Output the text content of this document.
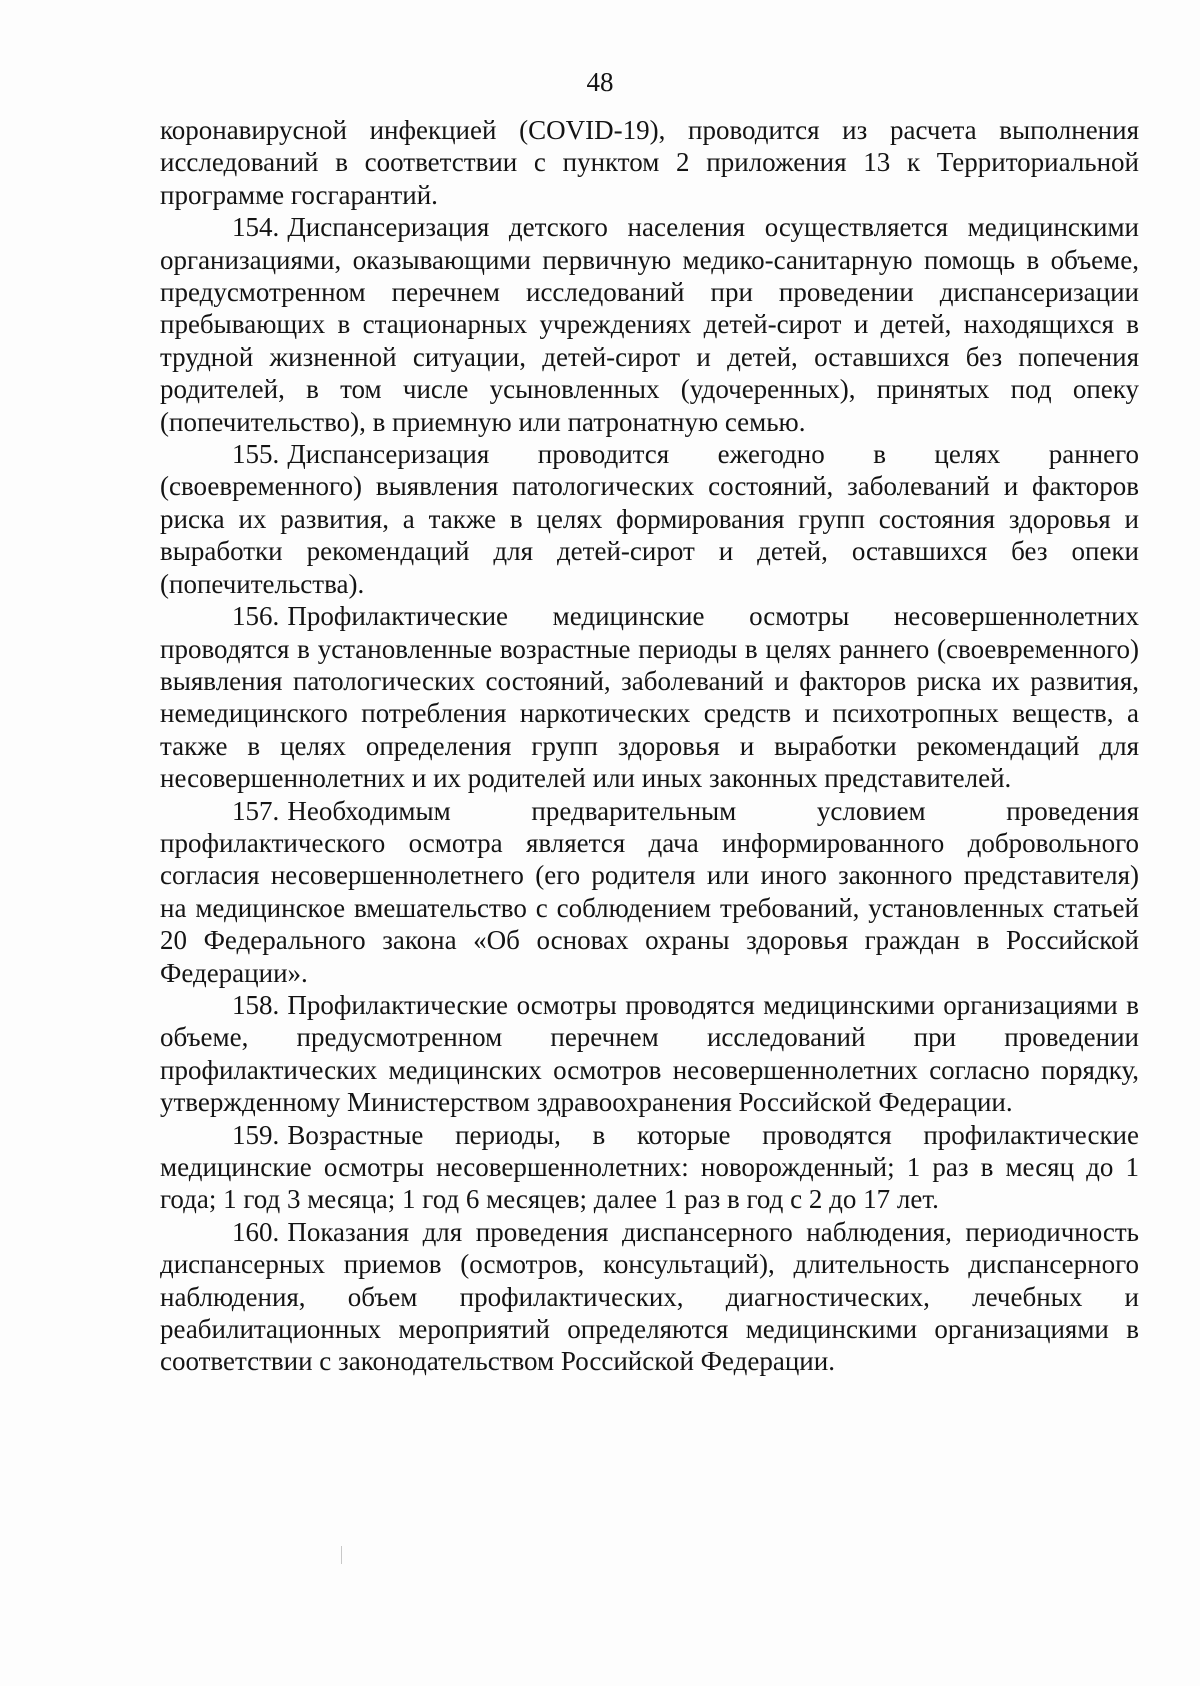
48

коронавирусной инфекцией (COVID-19), проводится из расчета выполнения исследований в соответствии с пунктом 2 приложения 13 к Территориальной программе госгарантий.

154. Диспансеризация детского населения осуществляется медицинскими организациями, оказывающими первичную медико-санитарную помощь в объеме, предусмотренном перечнем исследований при проведении диспансеризации пребывающих в стационарных учреждениях детей-сирот и детей, находящихся в трудной жизненной ситуации, детей-сирот и детей, оставшихся без попечения родителей, в том числе усыновленных (удочеренных), принятых под опеку (попечительство), в приемную или патронатную семью.

155. Диспансеризация проводится ежегодно в целях раннего (своевременного) выявления патологических состояний, заболеваний и факторов риска их развития, а также в целях формирования групп состояния здоровья и выработки рекомендаций для детей-сирот и детей, оставшихся без опеки (попечительства).

156. Профилактические медицинские осмотры несовершеннолетних проводятся в установленные возрастные периоды в целях раннего (своевременного) выявления патологических состояний, заболеваний и факторов риска их развития, немедицинского потребления наркотических средств и психотропных веществ, а также в целях определения групп здоровья и выработки рекомендаций для несовершеннолетних и их родителей или иных законных представителей.

157. Необходимым предварительным условием проведения профилактического осмотра является дача информированного добровольного согласия несовершеннолетнего (его родителя или иного законного представителя) на медицинское вмешательство с соблюдением требований, установленных статьей 20 Федерального закона «Об основах охраны здоровья граждан в Российской Федерации».

158. Профилактические осмотры проводятся медицинскими организациями в объеме, предусмотренном перечнем исследований при проведении профилактических медицинских осмотров несовершеннолетних согласно порядку, утвержденному Министерством здравоохранения Российской Федерации.

159. Возрастные периоды, в которые проводятся профилактические медицинские осмотры несовершеннолетних: новорожденный; 1 раз в месяц до 1 года; 1 год 3 месяца; 1 год 6 месяцев; далее 1 раз в год с 2 до 17 лет.

160. Показания для проведения диспансерного наблюдения, периодичность диспансерных приемов (осмотров, консультаций), длительность диспансерного наблюдения, объем профилактических, диагностических, лечебных и реабилитационных мероприятий определяются медицинскими организациями в соответствии с законодательством Российской Федерации.
